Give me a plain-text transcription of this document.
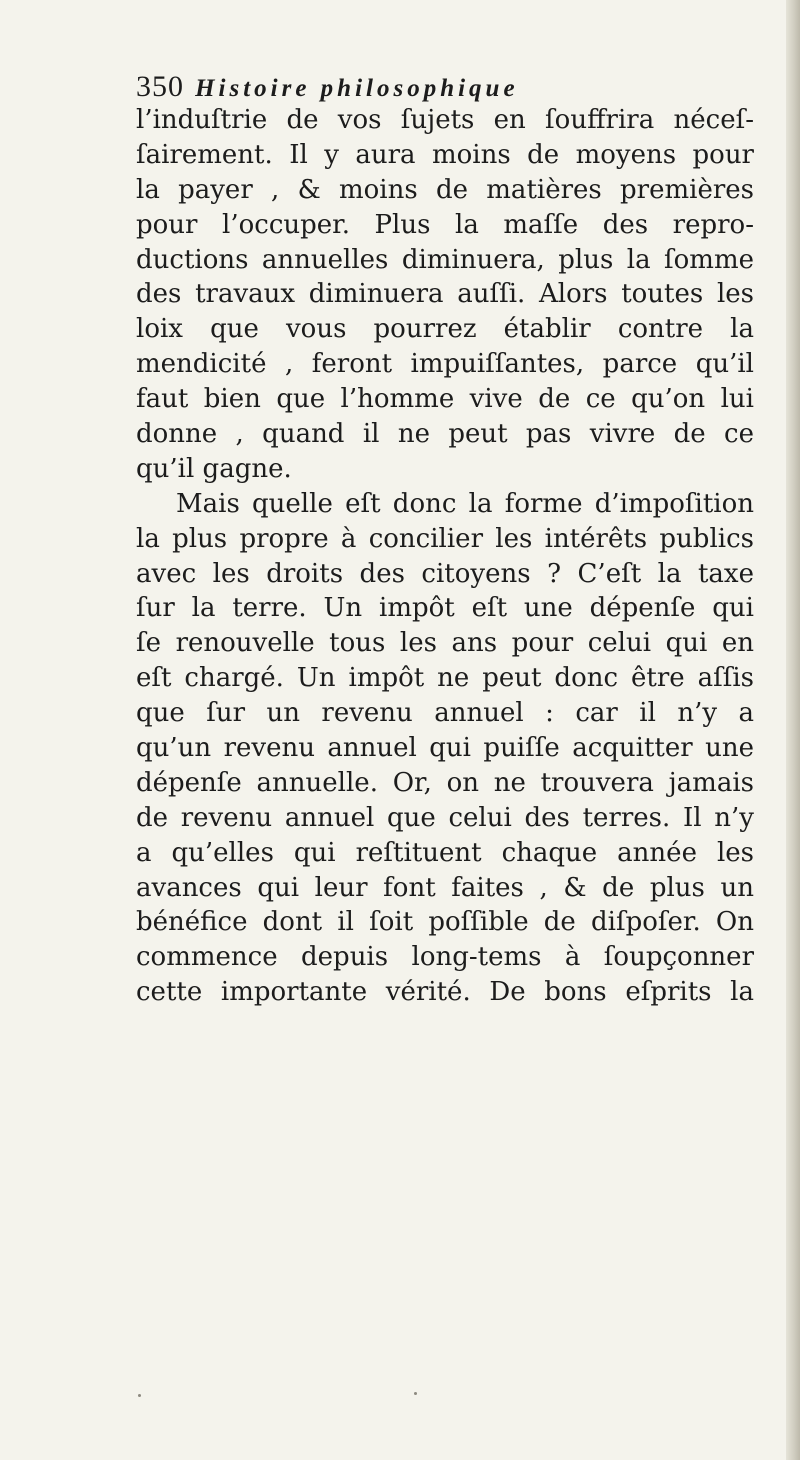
350 Histoire philosophique
l’induſtrie de vos ſujets en ſouffrira néceſ-
ſairement. Il y aura moins de moyens pour
la payer , & moins de matières premières
pour l’occuper. Plus la maſſe des repro-
ductions annuelles diminuera, plus la ſomme
des travaux diminuera auſſi. Alors toutes les
loix que vous pourrez établir contre la
mendicité , feront impuiſſantes, parce qu’il
faut bien que l’homme vive de ce qu’on lui
donne , quand il ne peut pas vivre de ce
qu’il gagne.
Mais quelle eſt donc la forme d’impoſition
la plus propre à concilier les intérêts publics
avec les droits des citoyens ? C’eſt la taxe
ſur la terre. Un impôt eſt une dépenſe qui
ſe renouvelle tous les ans pour celui qui en
eſt chargé. Un impôt ne peut donc être aſſis
que ſur un revenu annuel : car il n’y a
qu’un revenu annuel qui puiſſe acquitter une
dépenſe annuelle. Or, on ne trouvera jamais
de revenu annuel que celui des terres. Il n’y
a qu’elles qui reſtituent chaque année les
avances qui leur font faites , & de plus un
bénéfice dont il ſoit poſſible de diſpoſer. On
commence depuis long-tems à ſoupçonner
cette importante vérité. De bons eſprits la
